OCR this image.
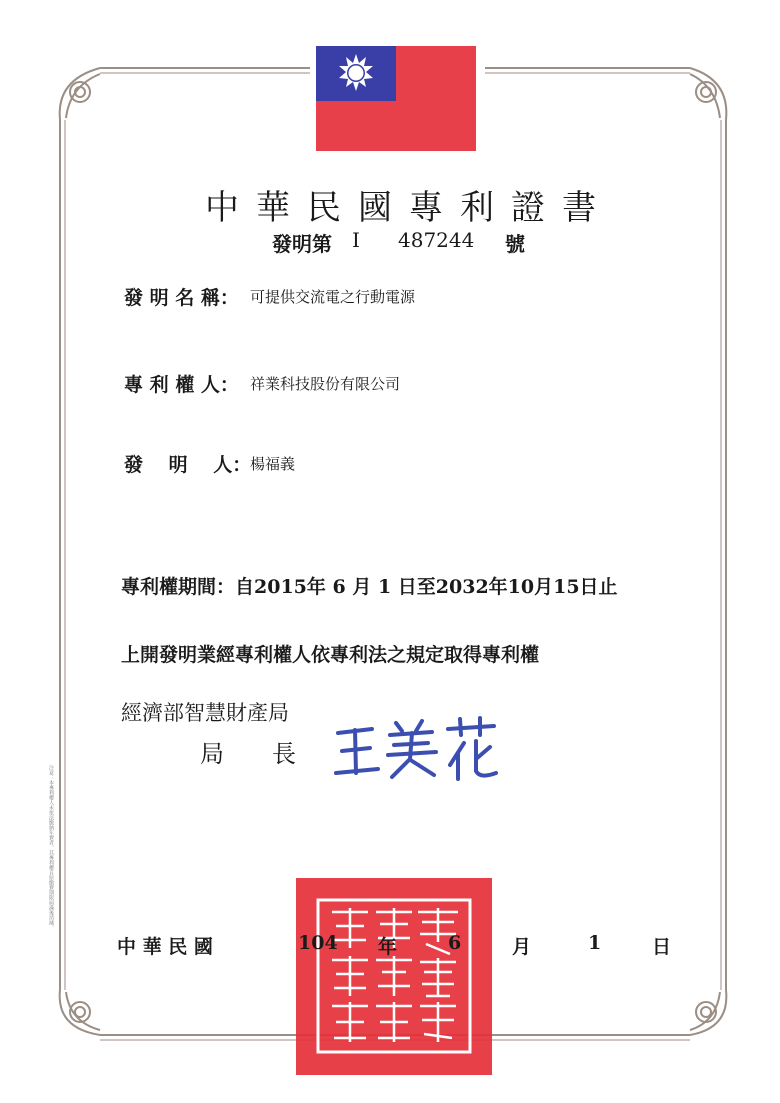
中華民國專利證書
發明第 I 487244 號
發 明 名 稱： 可提供交流電之行動電源
專 利 權 人： 祥業科技股份有限公司
發　 明　 人：
楊福義
專利權期間：自2015年 6 月 1 日至2032年10月15日止
上開發明業經專利權人依專利法之規定取得專利權
經濟部智慧財產局
局　　長
中 華 民 國	104 年	6	月	1	日
注意：本專利權人未依法繳納年費者，其專利權自原繳費期限屆滿後消滅。
